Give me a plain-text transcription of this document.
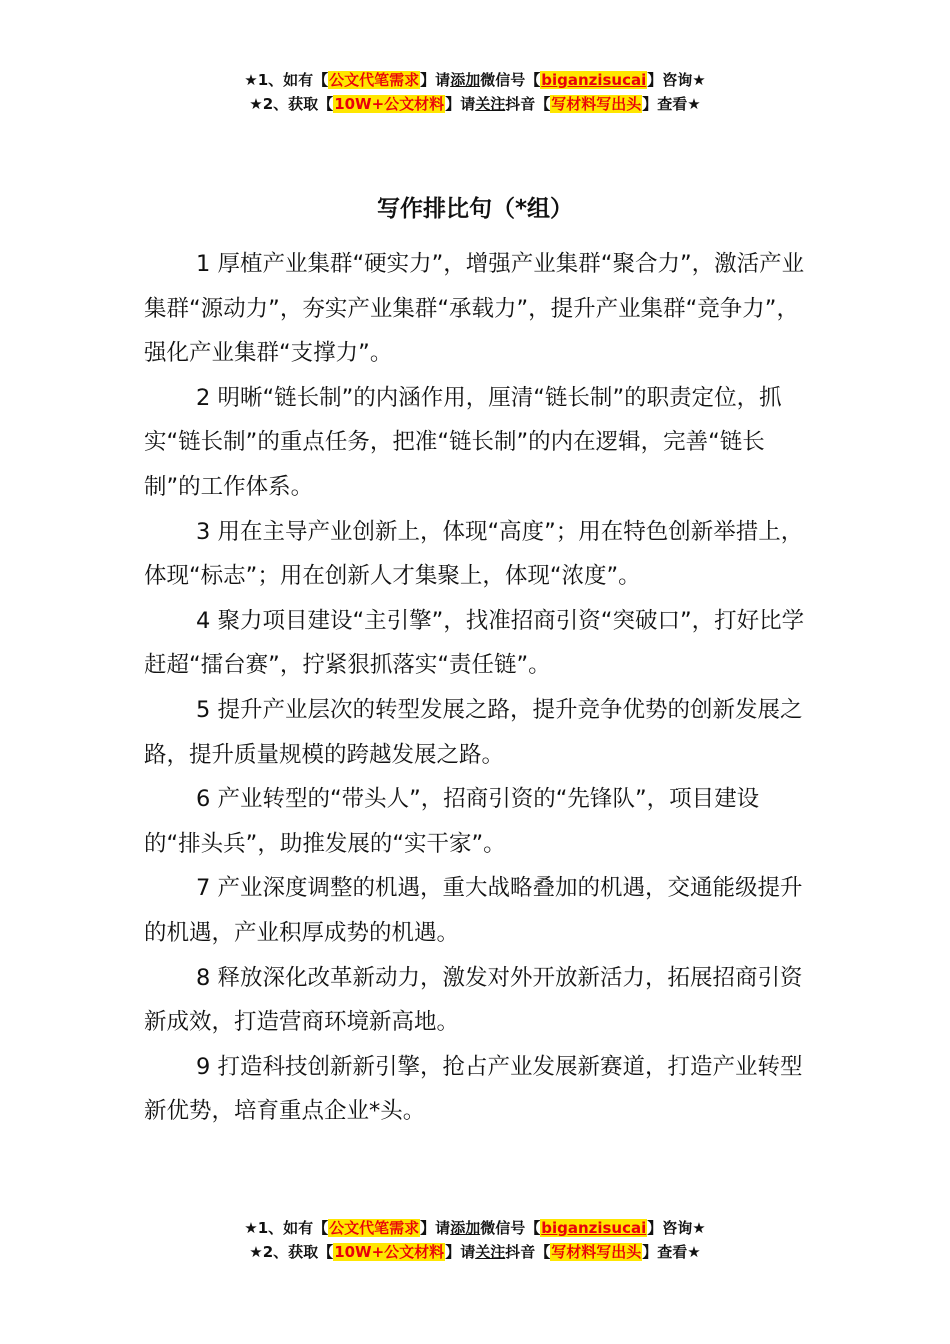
★1、如有【公文代笔需求】请添加微信号【biganzisucai】咨询★
★2、获取【10W+公文材料】请关注抖音【写材料写出头】查看★
写作排比句（*组）

1 厚植产业集群“硬实力”，增强产业集群“聚合力”，激活产业集群“源动力”，夯实产业集群“承载力”，提升产业集群“竞争力”，强化产业集群“支撑力”。

2 明晰“链长制”的内涵作用，厘清“链长制”的职责定位，抓实“链长制”的重点任务，把准“链长制”的内在逻辑，完善“链长制”的工作体系。

3 用在主导产业创新上，体现“高度”；用在特色创新举措上，体现“标志”；用在创新人才集聚上，体现“浓度”。

4 聚力项目建设“主引擎”，找准招商引资“突破口”，打好比学赶超“擂台赛”，拧紧狠抓落实“责任链”。

5 提升产业层次的转型发展之路，提升竞争优势的创新发展之路，提升质量规模的跨越发展之路。

6 产业转型的“带头人”，招商引资的“先锋队”，项目建设的“排头兵”，助推发展的“实干家”。

7 产业深度调整的机遇，重大战略叠加的机遇，交通能级提升的机遇，产业积厚成势的机遇。

8 释放深化改革新动力，激发对外开放新活力，拓展招商引资新成效，打造营商环境新高地。

9 打造科技创新新引擎，抢占产业发展新赛道，打造产业转型新优势，培育重点企业*头。

★1、如有【公文代笔需求】请添加微信号【biganzisucai】咨询★
★2、获取【10W+公文材料】请关注抖音【写材料写出头】查看★
